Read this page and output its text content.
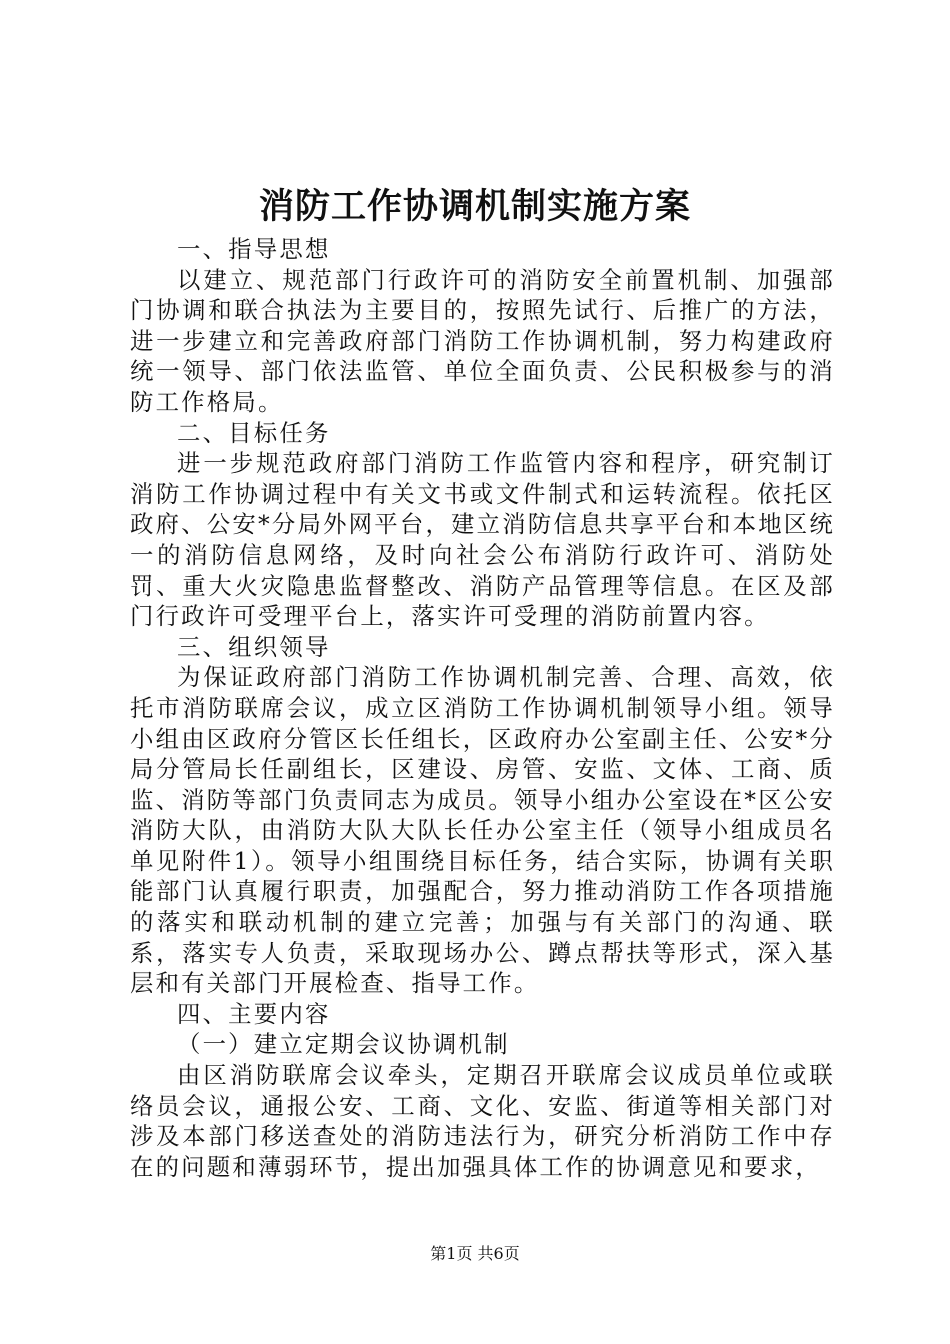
消防工作协调机制实施方案

一、指导思想

以建立、规范部门行政许可的消防安全前置机制、加强部门协调和联合执法为主要目的，按照先试行、后推广的方法，进一步建立和完善政府部门消防工作协调机制，努力构建政府统一领导、部门依法监管、单位全面负责、公民积极参与的消防工作格局。

二、目标任务

进一步规范政府部门消防工作监管内容和程序，研究制订消防工作协调过程中有关文书或文件制式和运转流程。依托区政府、公安*分局外网平台，建立消防信息共享平台和本地区统一的消防信息网络，及时向社会公布消防行政许可、消防处罚、重大火灾隐患监督整改、消防产品管理等信息。在区及部门行政许可受理平台上，落实许可受理的消防前置内容。

三、组织领导

为保证政府部门消防工作协调机制完善、合理、高效，依托市消防联席会议，成立区消防工作协调机制领导小组。领导小组由区政府分管区长任组长，区政府办公室副主任、公安*分局分管局长任副组长，区建设、房管、安监、文体、工商、质监、消防等部门负责同志为成员。领导小组办公室设在*区公安消防大队，由消防大队大队长任办公室主任（领导小组成员名单见附件1）。领导小组围绕目标任务，结合实际，协调有关职能部门认真履行职责，加强配合，努力推动消防工作各项措施的落实和联动机制的建立完善；加强与有关部门的沟通、联系，落实专人负责，采取现场办公、蹲点帮扶等形式，深入基层和有关部门开展检查、指导工作。

四、主要内容

（一）建立定期会议协调机制

由区消防联席会议牵头，定期召开联席会议成员单位或联络员会议，通报公安、工商、文化、安监、街道等相关部门对涉及本部门移送查处的消防违法行为，研究分析消防工作中存在的问题和薄弱环节，提出加强具体工作的协调意见和要求，

第1页 共6页
